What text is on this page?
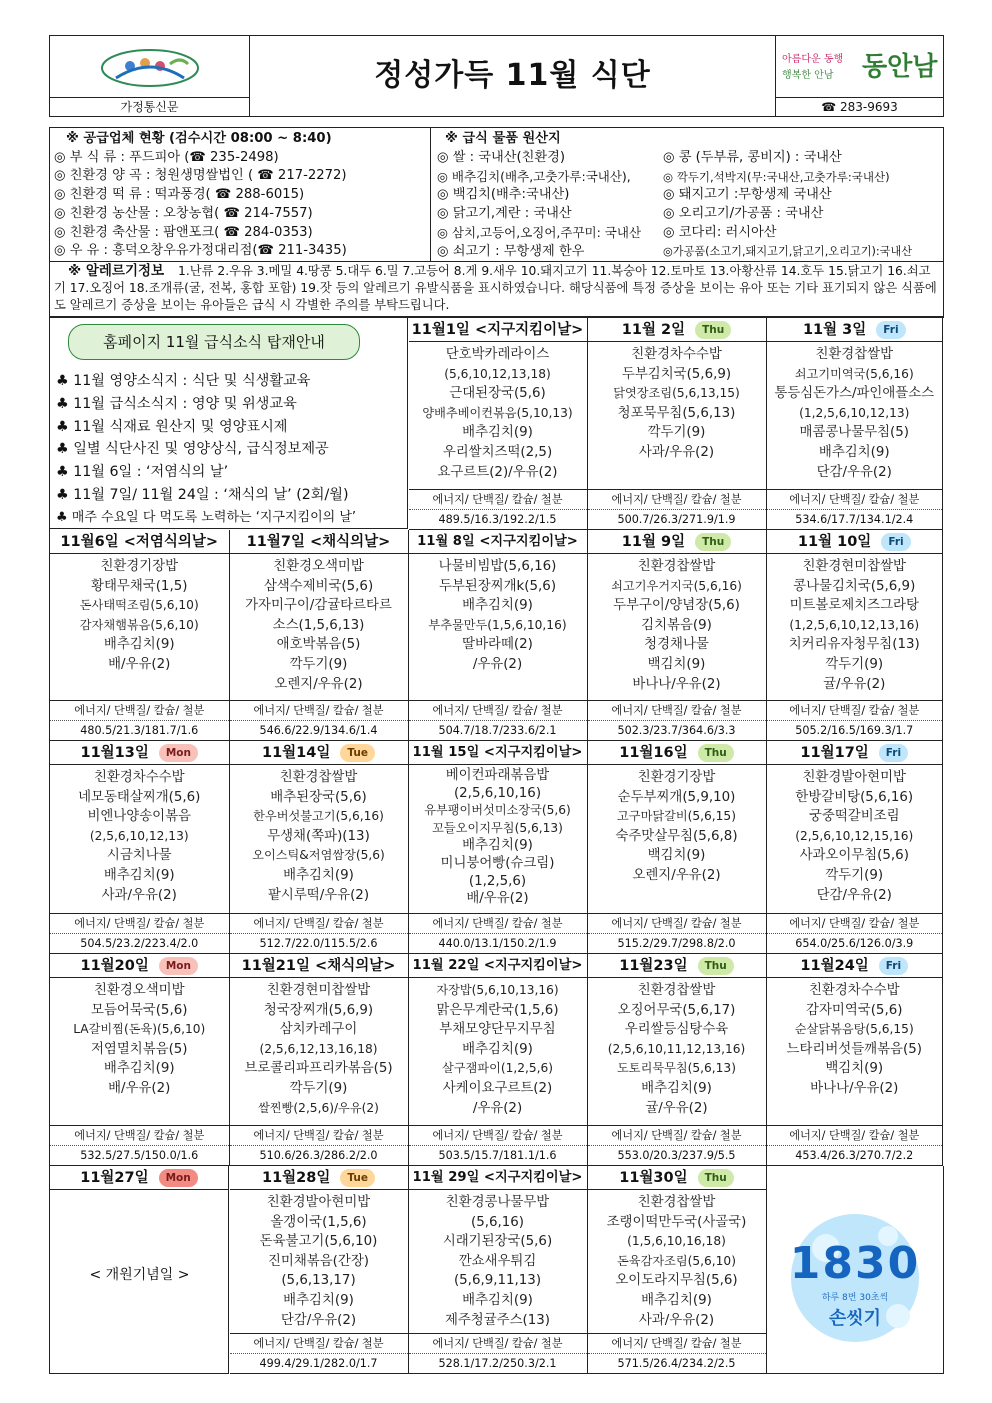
가정통신문
정성가득 11월 식단	아름다운 동행
행복한 안남 동안남
☎ 283-9693
※ 공급업체 현황 (검수시간 08:00 ~ 8:40)
◎ 부 식 류 : 푸드피아 (☎ 235-2498)
◎ 친환경 양 곡 : 청원생명쌀법인 ( ☎ 217-2272)
◎ 친환경 떡 류 : 떡과풍경( ☎ 288-6015)
◎ 친환경 농산물 : 오창농협( ☎ 214-7557)
◎ 친환경 축산물 : 팜앤포크( ☎ 284-0353)
◎ 우 유 : 흥덕오창우유가정대리점(☎ 211-3435)
※ 급식 물품 원산지
◎ 쌀 : 국내산(친환경)
◎ 배추김치(배추,고춧가루:국내산),
◎ 백김치(배추:국내산)
◎ 닭고기,계란 : 국내산
◎ 삼치,고등어,오징어,주꾸미: 국내산
◎ 쇠고기 : 무항생제 한우
◎ 콩 (두부류, 콩비지) : 국내산
◎ 깍두기,석박지(무:국내산,고춧가루:국내산)
◎ 돼지고기 :무항생제 국내산
◎ 오리고기/가공품 : 국내산
◎ 코다리: 러시아산
◎가공품(소고기,돼지고기,닭고기,오리고기):국내산
※ 알레르기정보 1.난류 2.우유 3.메밀 4.땅콩 5.대두 6.밀 7.고등어 8.게 9.새우 10.돼지고기 11.복숭아 12.토마토 13.아황산류 14.호두 15.닭고기 16.쇠고기 17.오징어 18.조개류(굴, 전복, 홍합 포함) 19.잣 등의 알레르기 유발식품을 표시하였습니다. 해당식품에 특정 증상을 보이는 유아 또는 기타 표기되지 않은 식품에도 알레르기 증상을 보이는 유아들은 급식 시 각별한 주의를 부탁드립니다.
11월1일 <지구지킴이날>
단호박카레라이스
(5,6,10,12,13,18)
근대된장국(5,6)
양배추베이컨볶음(5,10,13)
배추김치(9)
우리쌀치즈떡(2,5)
요구르트(2)/우유(2)
에너지/ 단백질/ 칼슘/ 철분
489.5/16.3/192.2/1.5
11월 2일 Thu
친환경차수수밥
두부김치국(5,6,9)
닭엿장조림(5,6,13,15)
청포묵무침(5,6,13)
깍두기(9)
사과/우유(2)
에너지/ 단백질/ 칼슘/ 철분
500.7/26.3/271.9/1.9
11월 3일 Fri
친환경찹쌀밥
쇠고기미역국(5,6,16)
통등심돈가스/파인애플소스
(1,2,5,6,10,12,13)
매콤콩나물무침(5)
배추김치(9)
단감/우유(2)
에너지/ 단백질/ 칼슘/ 철분
534.6/17.7/134.1/2.4
11월6일 <저염식의날>
친환경기장밥
황태무채국(1,5)
돈사태떡조림(5,6,10)
감자채햄볶음(5,6,10)
배추김치(9)
배/우유(2)
에너지/ 단백질/ 칼슘/ 철분
480.5/21.3/181.7/1.6
11월7일 <채식의날>
친환경오색미밥
삼색수제비국(5,6)
가자미구이/감귤타르타르
소스(1,5,6,13)
애호박볶음(5)
깍두기(9)
오렌지/우유(2)
에너지/ 단백질/ 칼슘/ 철분
546.6/22.9/134.6/1.4
11월 8일 <지구지킴이날>
나물비빔밥(5,6,16)
두부된장찌개k(5,6)
배추김치(9)
부추물만두(1,5,6,10,16)
딸바라떼(2)
/우유(2)
에너지/ 단백질/ 칼슘/ 철분
504.7/18.7/233.6/2.1
11월 9일 Thu
친환경찹쌀밥
쇠고기우거지국(5,6,16)
두부구이/양념장(5,6)
김치볶음(9)
청경채나물
백김치(9)
바나나/우유(2)
에너지/ 단백질/ 칼슘/ 철분
502.3/23.7/364.6/3.3
11월 10일 Fri
친환경현미찹쌀밥
콩나물김치국(5,6,9)
미트볼로제치즈그라탕
(1,2,5,6,10,12,13,16)
치커리유자청무침(13)
깍두기(9)
귤/우유(2)
에너지/ 단백질/ 칼슘/ 철분
505.2/16.5/169.3/1.7
11월13일 Mon
친환경차수수밥
네모동태살찌개(5,6)
비엔나양송이볶음
(2,5,6,10,12,13)
시금치나물
배추김치(9)
사과/우유(2)
에너지/ 단백질/ 칼슘/ 철분
504.5/23.2/223.4/2.0
11월14일 Tue
친환경찹쌀밥
배추된장국(5,6)
한우버섯불고기(5,6,16)
무생채(쪽파)(13)
오이스틱&저염쌈장(5,6)
배추김치(9)
팥시루떡/우유(2)
에너지/ 단백질/ 칼슘/ 철분
512.7/22.0/115.5/2.6
11월 15일 <지구지킴이날>
베이컨파래볶음밥
(2,5,6,10,16)
유부팽이버섯미소장국(5,6)
꼬들오이지무침(5,6,13)
배추김치(9)
미니붕어빵(슈크림)
(1,2,5,6)
배/우유(2)
에너지/ 단백질/ 칼슘/ 철분
440.0/13.1/150.2/1.9
11월16일 Thu
친환경기장밥
순두부찌개(5,9,10)
고구마닭갈비(5,6,15)
숙주맛살무침(5,6,8)
백김치(9)
오렌지/우유(2)
에너지/ 단백질/ 칼슘/ 철분
515.2/29.7/298.8/2.0
11월17일 Fri
친환경발아현미밥
한방갈비탕(5,6,16)
궁중떡갈비조림
(2,5,6,10,12,15,16)
사과오이무침(5,6)
깍두기(9)
단감/우유(2)
에너지/ 단백질/ 칼슘/ 철분
654.0/25.6/126.0/3.9
11월20일 Mon
친환경오색미밥
모듬어묵국(5,6)
LA갈비찜(돈육)(5,6,10)
저염멸치볶음(5)
배추김치(9)
배/우유(2)
에너지/ 단백질/ 칼슘/ 철분
532.5/27.5/150.0/1.6
11월21일 <채식의날>
친환경현미찹쌀밥
청국장찌개(5,6,9)
삼치카레구이
(2,5,6,12,13,16,18)
브로콜리파프리카볶음(5)
깍두기(9)
쌀찐빵(2,5,6)/우유(2)
에너지/ 단백질/ 칼슘/ 철분
510.6/26.3/286.2/2.0
11월 22일 <지구지킴이날>
자장밥(5,6,10,13,16)
맑은무계란국(1,5,6)
부채모양단무지무침
배추김치(9)
살구잼파이(1,2,5,6)
사케이요구르트(2)
/우유(2)
에너지/ 단백질/ 칼슘/ 철분
503.5/15.7/181.1/1.6
11월23일 Thu
친환경찹쌀밥
오징어무국(5,6,17)
우리쌀등심탕수육
(2,5,6,10,11,12,13,16)
도토리묵무침(5,6,13)
배추김치(9)
귤/우유(2)
에너지/ 단백질/ 칼슘/ 철분
553.0/20.3/237.9/5.5
11월24일 Fri
친환경차수수밥
감자미역국(5,6)
순살닭볶음탕(5,6,15)
느타리버섯들깨볶음(5)
백김치(9)
바나나/우유(2)
에너지/ 단백질/ 칼슘/ 철분
453.4/26.3/270.7/2.2
11월28일 Tue
친환경발아현미밥
올갱이국(1,5,6)
돈육불고기(5,6,10)
진미채볶음(간장)
(5,6,13,17)
배추김치(9)
단감/우유(2)
에너지/ 단백질/ 칼슘/ 철분
499.4/29.1/282.0/1.7
11월 29일 <지구지킴이날>
친환경콩나물무밥
(5,6,16)
시래기된장국(5,6)
깐쇼새우튀김
(5,6,9,11,13)
배추김치(9)
제주청귤주스(13)
에너지/ 단백질/ 칼슘/ 철분
528.1/17.2/250.3/2.1
11월30일 Thu
친환경찹쌀밥
조랭이떡만두국(사골국)
(1,5,6,10,16,18)
돈육감자조림(5,6,10)
오이도라지무침(5,6)
배추김치(9)
사과/우유(2)
에너지/ 단백질/ 칼슘/ 철분
571.5/26.4/234.2/2.5
홈페이지 11월 급식소식 탑재안내
♣ 11월 영양소식지 : 식단 및 식생활교육
♣ 11월 급식소식지 : 영양 및 위생교육
♣ 11월 식재료 원산지 및 영양표시제
♣ 일별 식단사진 및 영양상식, 급식정보제공
♣ 11월 6일 : ‘저염식의 날’
♣ 11월 7일/ 11월 24일 : ‘채식의 날’ (2회/월)
♣ 매주 수요일 다 먹도록 노력하는 ‘지구지킴이의 날’
11월27일 Mon
< 개원기념일 >	1830
하루 8번 30초씩
손씻기
